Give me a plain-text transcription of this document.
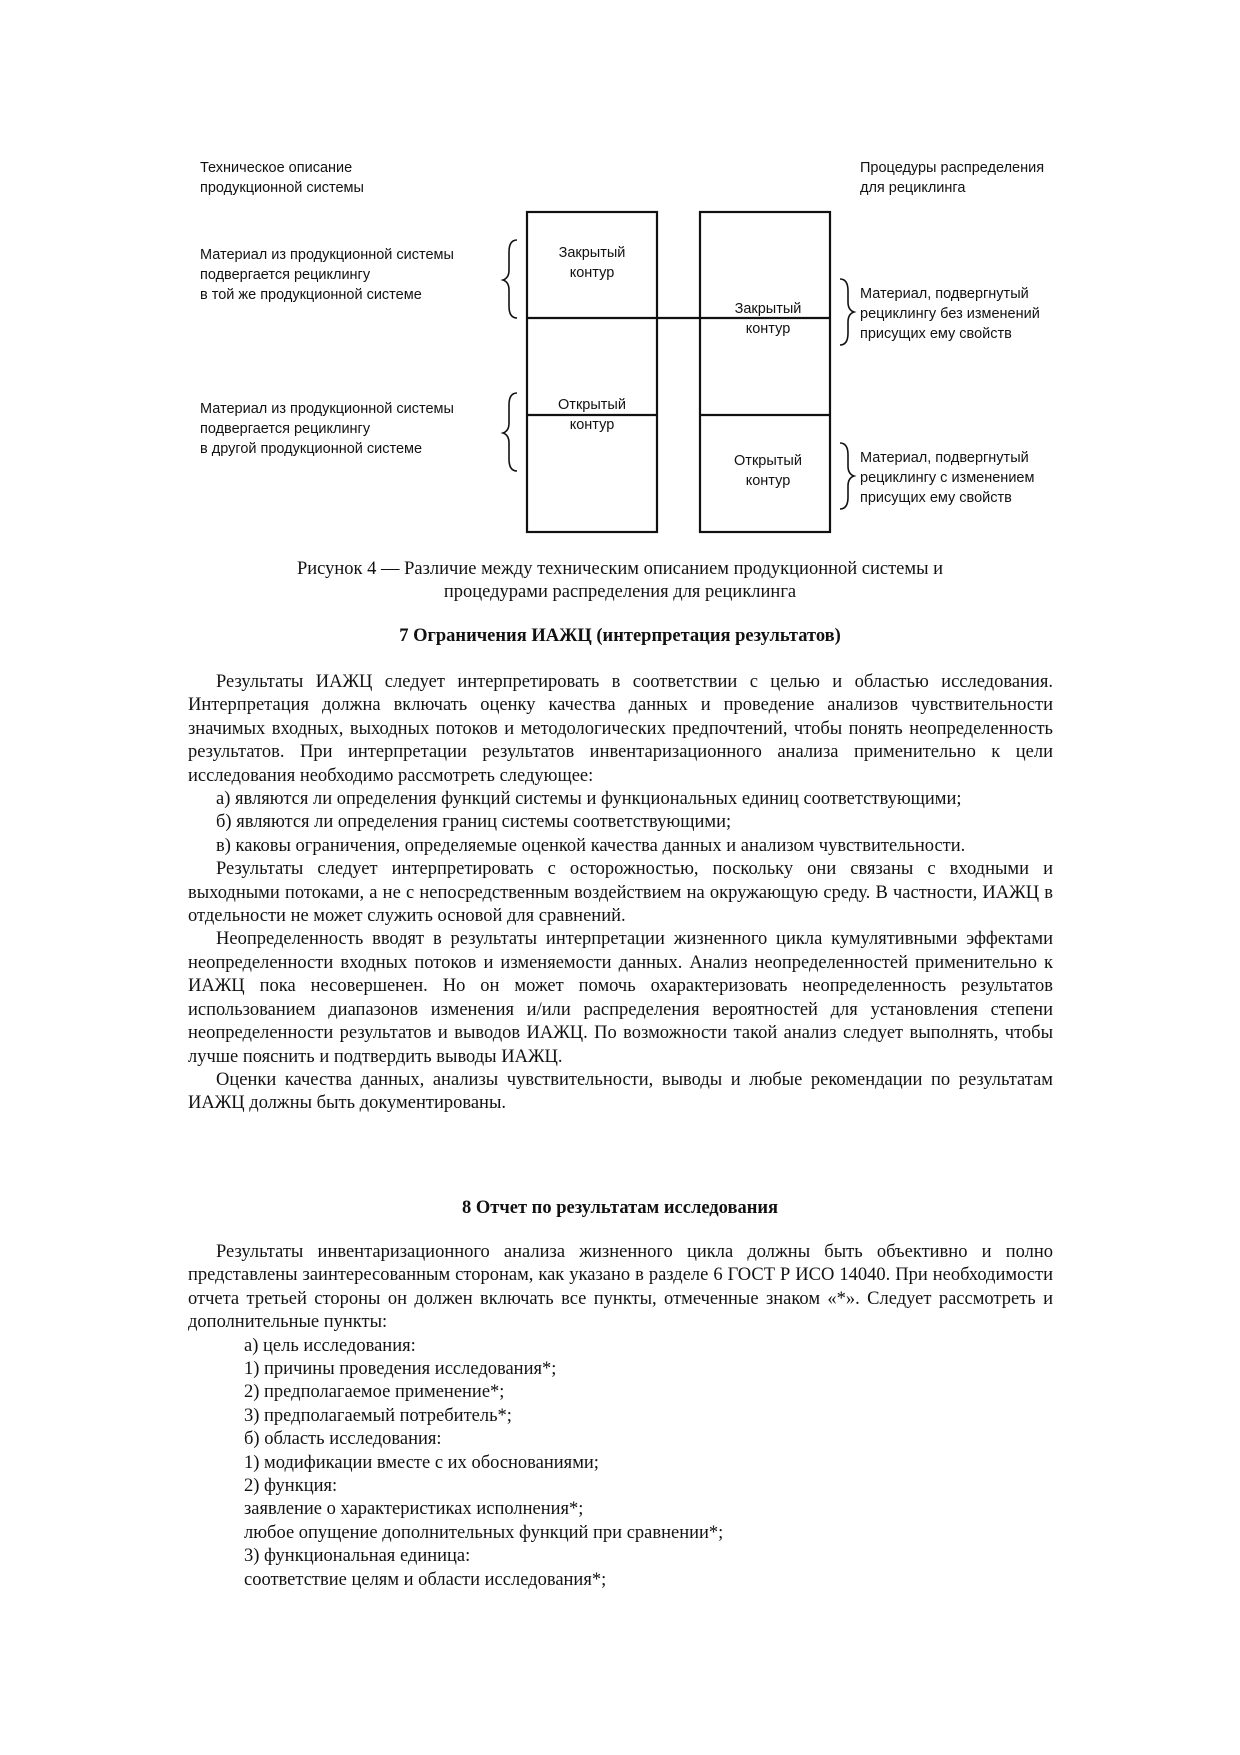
Техническое описание
продукционной системы
Процедуры распределения
для рециклинга
Материал из продукционной системы
подвергается рециклингу
в той же продукционной системе
Материал из продукционной системы
подвергается рециклингу
в другой продукционной системе
Закрытый
контур
Открытый
контур
Закрытый
контур
Открытый
контур
Материал, подвергнутый
рециклингу без изменений
присущих ему свойств
Материал, подвергнутый
рециклингу с изменением
присущих ему свойств
Рисунок 4 — Различие между техническим описанием продукционной системы и
процедурами распределения для рециклинга
7 Ограничения ИАЖЦ (интерпретация результатов)

Результаты ИАЖЦ следует интерпретировать в соответствии с целью и областью исследования. Интерпретация должна включать оценку качества данных и проведение анализов чувствительности значимых входных, выходных потоков и методологических предпочтений, чтобы понять неопределенность результатов. При интерпретации результатов инвентаризационного анализа применительно к цели исследования необходимо рассмотреть следующее:

а) являются ли определения функций системы и функциональных единиц соответствующими;

б) являются ли определения границ системы соответствующими;

в) каковы ограничения, определяемые оценкой качества данных и анализом чувствительности.

Результаты следует интерпретировать с осторожностью, поскольку они связаны с входными и выходными потоками, а не с непосредственным воздействием на окружающую среду. В частности, ИАЖЦ в отдельности не может служить основой для сравнений.

Неопределенность вводят в результаты интерпретации жизненного цикла кумулятивными эффектами неопределенности входных потоков и изменяемости данных. Анализ неопределенностей применительно к ИАЖЦ пока несовершенен. Но он может помочь охарактеризовать неопределенность результатов использованием диапазонов изменения и/или распределения вероятностей для установления степени неопределенности результатов и выводов ИАЖЦ. По возможности такой анализ следует выполнять, чтобы лучше пояснить и подтвердить выводы ИАЖЦ.

Оценки качества данных, анализы чувствительности, выводы и любые рекомендации по результатам ИАЖЦ должны быть документированы.

8 Отчет по результатам исследования

Результаты инвентаризационного анализа жизненного цикла должны быть объективно и полно представлены заинтересованным сторонам, как указано в разделе 6 ГОСТ Р ИСО 14040. При необходимости отчета третьей стороны он должен включать все пункты, отмеченные знаком «*». Следует рассмотреть и дополнительные пункты:

а) цель исследования:

1) причины проведения исследования*;

2) предполагаемое применение*;

3) предполагаемый потребитель*;

б) область исследования:

1) модификации вместе с их обоснованиями;

2) функция:

заявление о характеристиках исполнения*;

любое опущение дополнительных функций при сравнении*;

3) функциональная единица:

соответствие целям и области исследования*;
